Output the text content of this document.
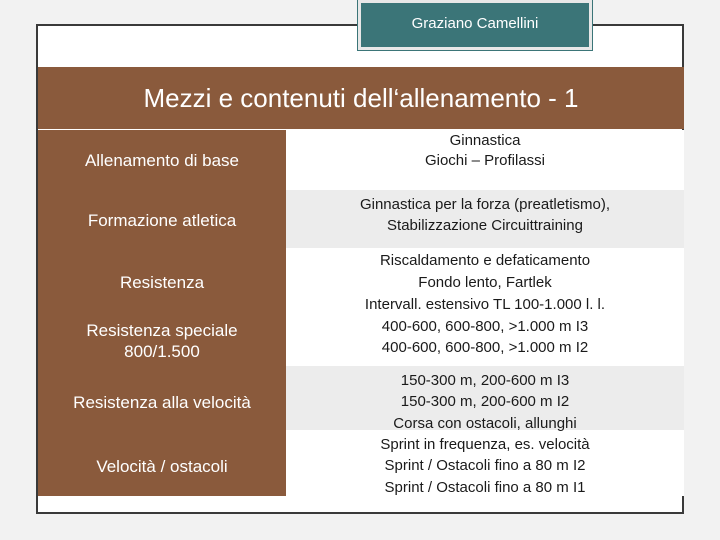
Graziano Camellini
Mezzi e contenuti dell‘allenamento - 1
Allenamento di base
Formazione atletica
Resistenza
Resistenza speciale
800/1.500
Resistenza alla velocità
Velocità / ostacoli
Ginnastica
Giochi – Profilassi
Ginnastica per la forza (preatletismo),
Stabilizzazione Circuittraining
Riscaldamento e defaticamento
Fondo lento, Fartlek
Intervall. estensivo TL 100-1.000 l. l.
400-600, 600-800, >1.000 m I3
400-600, 600-800, >1.000 m I2
150-300 m, 200-600 m I3
150-300 m, 200-600 m I2
Corsa con ostacoli, allunghi
Sprint in frequenza, es. velocità
Sprint / Ostacoli fino a 80 m I2
Sprint / Ostacoli fino a 80 m I1
